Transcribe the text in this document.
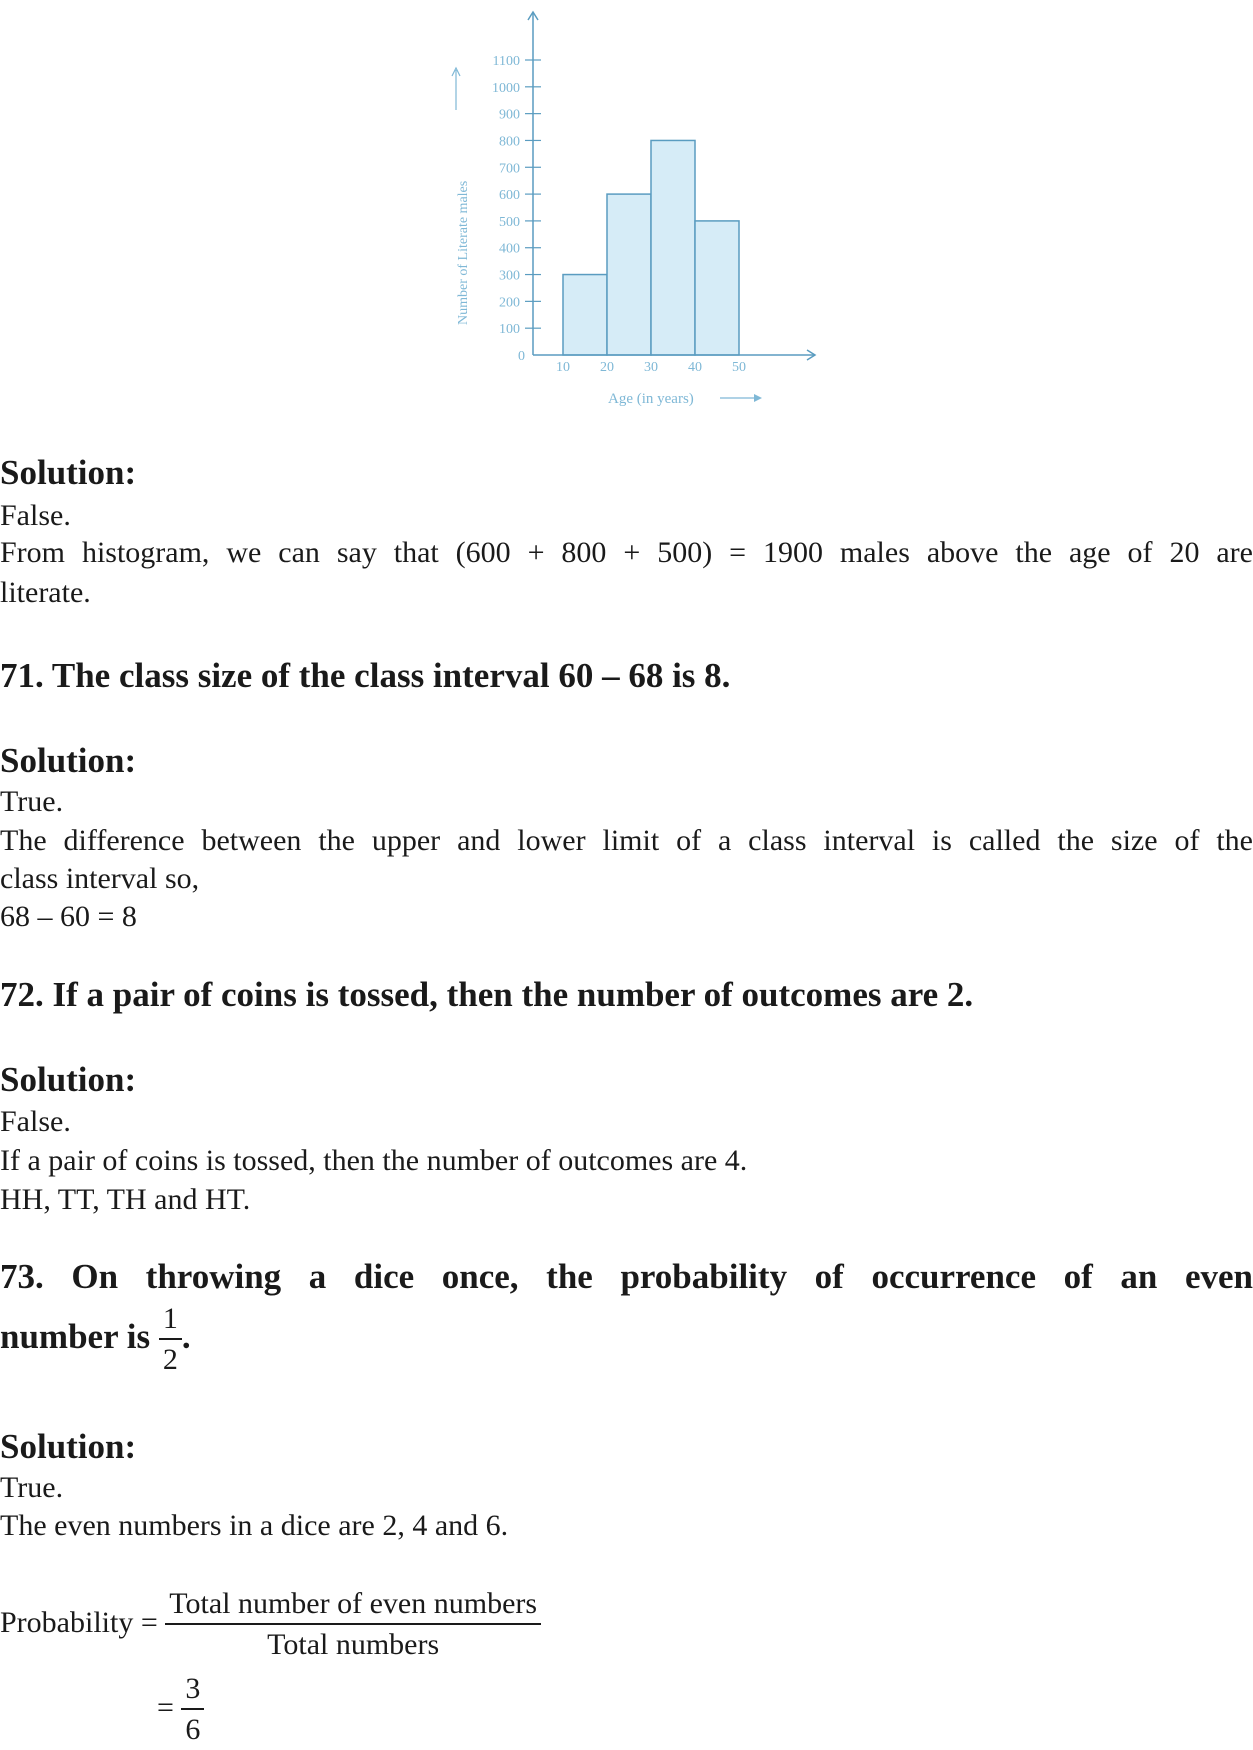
0
100
200
300
400
500
600
700
800
900
1000
1100
10 20 30 40 50
Age (in years)
Number of Literate males
Solution:
False.
From histogram, we can say that (600 + 800 + 500) = 1900 males above the age of 20 are
literate.
71. The class size of the class interval 60 – 68 is 8.
Solution:
True.
The difference between the upper and lower limit of a class interval is called the size of the
class interval so,
68 – 60 = 8
72. If a pair of coins is tossed, then the number of outcomes are 2.
Solution:
False.
If a pair of coins is tossed, then the number of outcomes are 4.
HH, TT, TH and HT.
73. On throwing a dice once, the probability of occurrence of an even
number is $\frac{1}{2}$ .
Solution:
True.
The even numbers in a dice are 2, 4 and 6.
Probability = $\frac{\text{Total number of even numbers}}{\text{Total numbers}}$
= $\frac{3}{6}$
